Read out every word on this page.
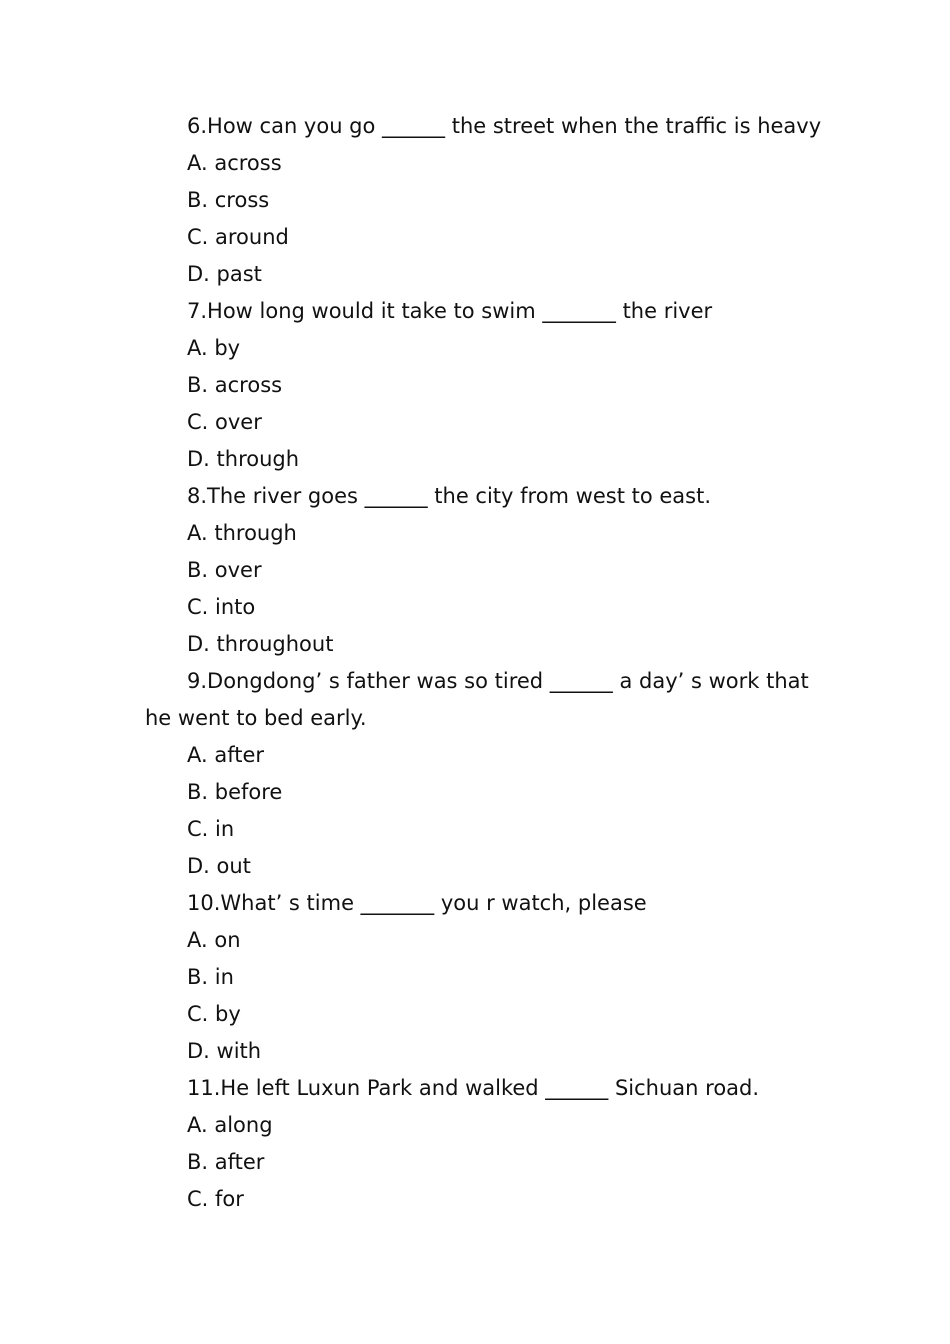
6.How can you go ______ the street when the traffic is heavy

A. across

B. cross

C. around

D. past

7.How long would it take to swim _______ the river

A. by

B. across

C. over

D. through

8.The river goes ______ the city from west to east.

A. through

B. over

C. into

D. throughout

9.Dongdong’ s father was so tired ______ a day’ s work that

he went to bed early.

A. after

B. before

C. in

D. out

10.What’ s time _______ you r watch, please

A. on

B. in

C. by

D. with

11.He left Luxun Park and walked ______ Sichuan road.

A. along

B. after

C. for
